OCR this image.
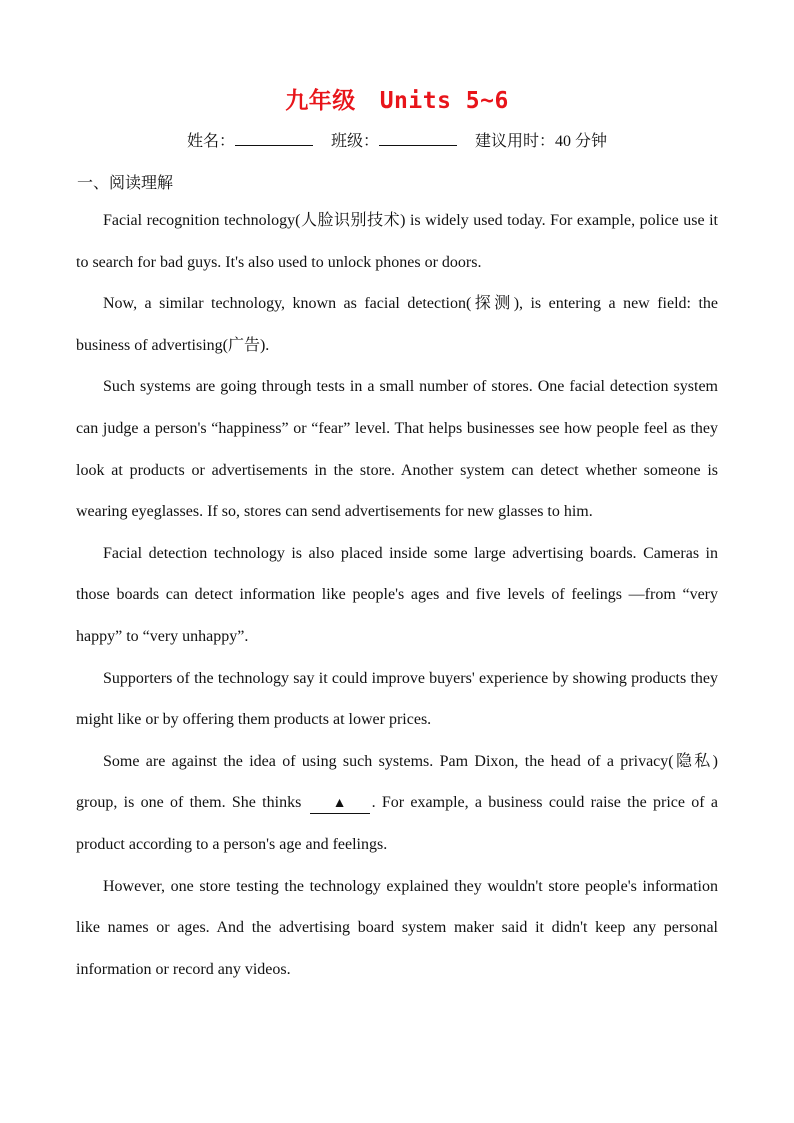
九年级 Units 5~6
姓名：	班级：	建议用时：40 分钟
一、阅读理解

Facial recognition technology(人脸识别技术) is widely used today. For example, police use it to search for bad guys. It's also used to unlock phones or doors.

Now, a similar technology, known as facial detection(探测), is entering a new field: the business of advertising(广告).

Such systems are going through tests in a small number of stores. One facial detection system can judge a person's “happiness” or “fear” level. That helps businesses see how people feel as they look at products or advertisements in the store. Another system can detect whether someone is wearing eyeglasses. If so, stores can send advertisements for new glasses to him.

Facial detection technology is also placed inside some large advertising boards. Cameras in those boards can detect information like people's ages and five levels of feelings —from “very happy” to “very unhappy”.

Supporters of the technology say it could improve buyers' experience by showing products they might like or by offering them products at lower prices.

Some are against the idea of using such systems. Pam Dixon, the head of a privacy(隐私) group, is one of them. She thinks ▲ . For example, a business could raise the price of a product according to a person's age and feelings.

However, one store testing the technology explained they wouldn't store people's information like names or ages. And the advertising board system maker said it didn't keep any personal information or record any videos.
